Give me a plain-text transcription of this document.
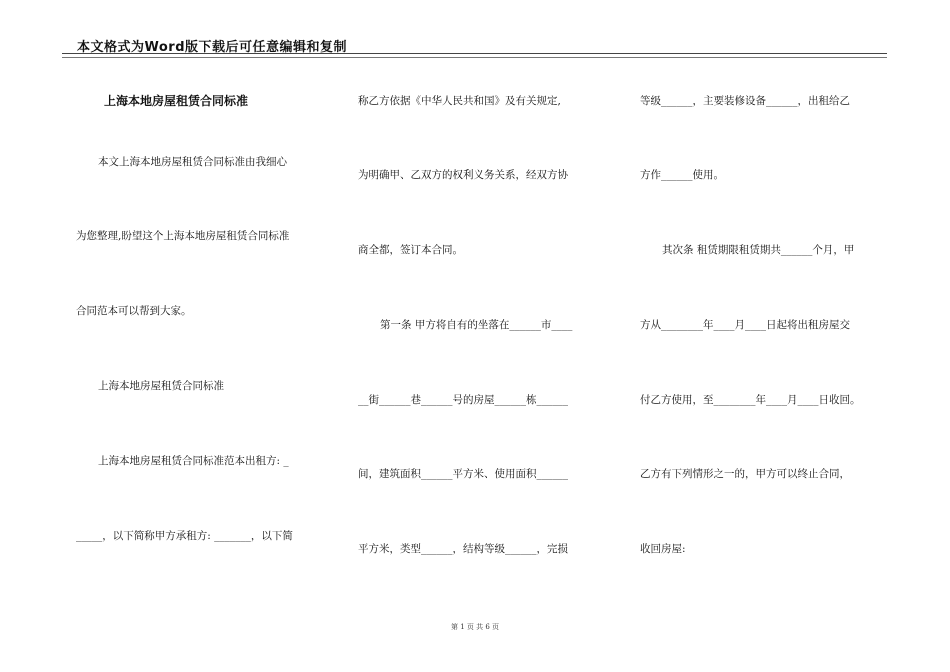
本文格式为Word版下载后可任意编辑和复制
上海本地房屋租赁合同标准
本文上海本地房屋租赁合同标准由我细心
为您整理,盼望这个上海本地房屋租赁合同标准
合同范本可以帮到大家。
上海本地房屋租赁合同标准
上海本地房屋租赁合同标准范本出租方: _
_____，以下简称甲方承租方: _______，以下简
称乙方依据《中华人民共和国》及有关规定,
为明确甲、乙双方的权利义务关系，经双方协
商全都，签订本合同。
第一条 甲方将自有的坐落在______市____
__街______巷______号的房屋______栋______
间，建筑面积______平方米、使用面积______
平方米，类型______，结构等级______，完损
等级______，主要装修设备______，出租给乙
方作______使用。
其次条 租赁期限租赁期共______个月，甲
方从________年____月____日起将出租房屋交
付乙方使用，至________年____月____日收回。
乙方有下列情形之一的，甲方可以终止合同，
收回房屋:
第 1 页 共 6 页
